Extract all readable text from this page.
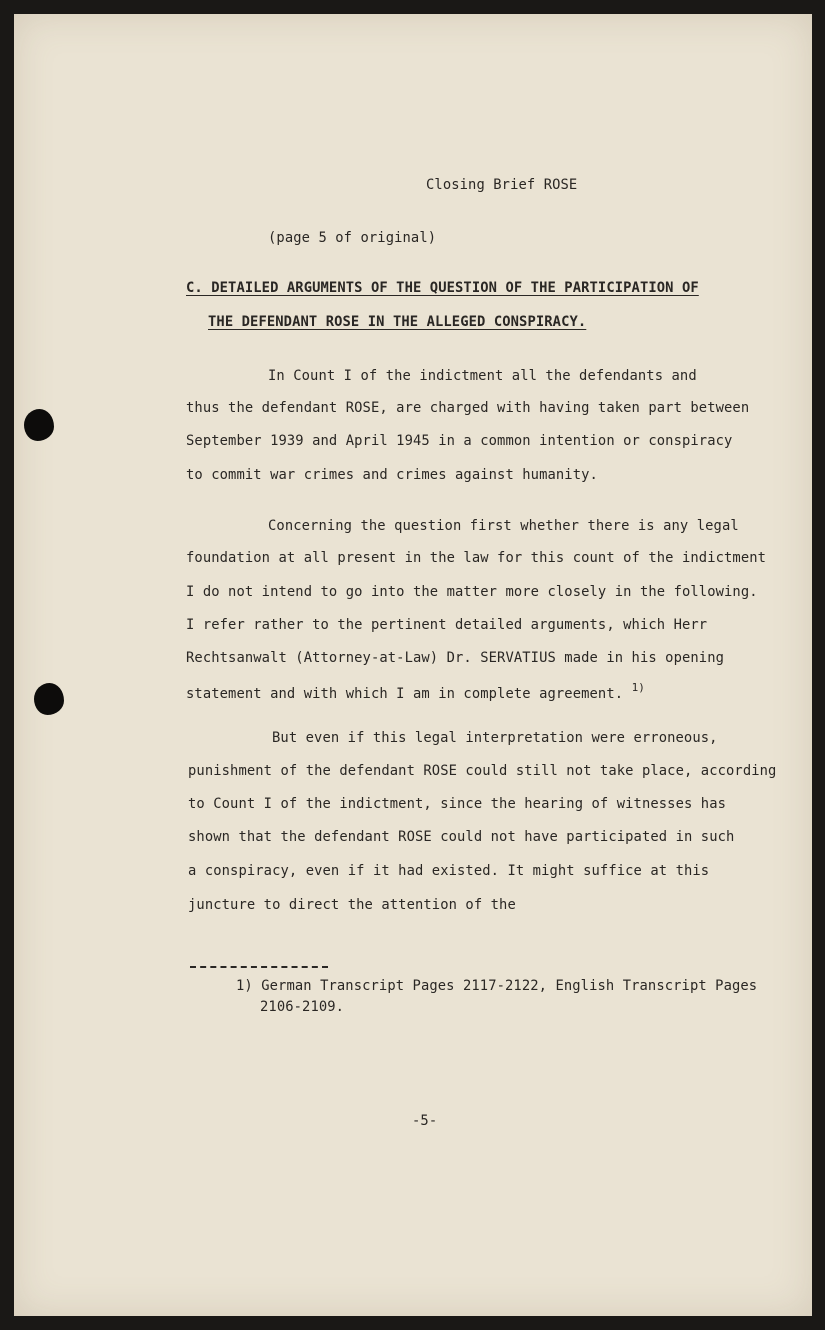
Closing Brief ROSE
(page 5 of original)
C. DETAILED ARGUMENTS OF THE QUESTION OF THE PARTICIPATION OF
THE DEFENDANT ROSE IN THE ALLEGED CONSPIRACY.
In Count I of the indictment all the defendants and
thus the defendant ROSE, are charged with having taken part between
September 1939 and April 1945 in a common intention or conspiracy
to commit war crimes and crimes against humanity.
Concerning the question first whether there is any legal
foundation at all present in the law for this count of the indictment
I do not intend to go into the matter more closely in the following.
I refer rather to the pertinent detailed arguments, which Herr
Rechtsanwalt (Attorney-at-Law) Dr. SERVATIUS made in his opening
statement and with which I am in complete agreement. $^{1)}$
But even if this legal interpretation were erroneous,
punishment of the defendant ROSE could still not take place, according
to Count I of the indictment, since the hearing of witnesses has
shown that the defendant ROSE could not have participated in such
a conspiracy, even if it had existed. It might suffice at this
juncture to direct the attention of the
1) German Transcript Pages 2117-2122, English Transcript Pages
2106-2109.
-5-
